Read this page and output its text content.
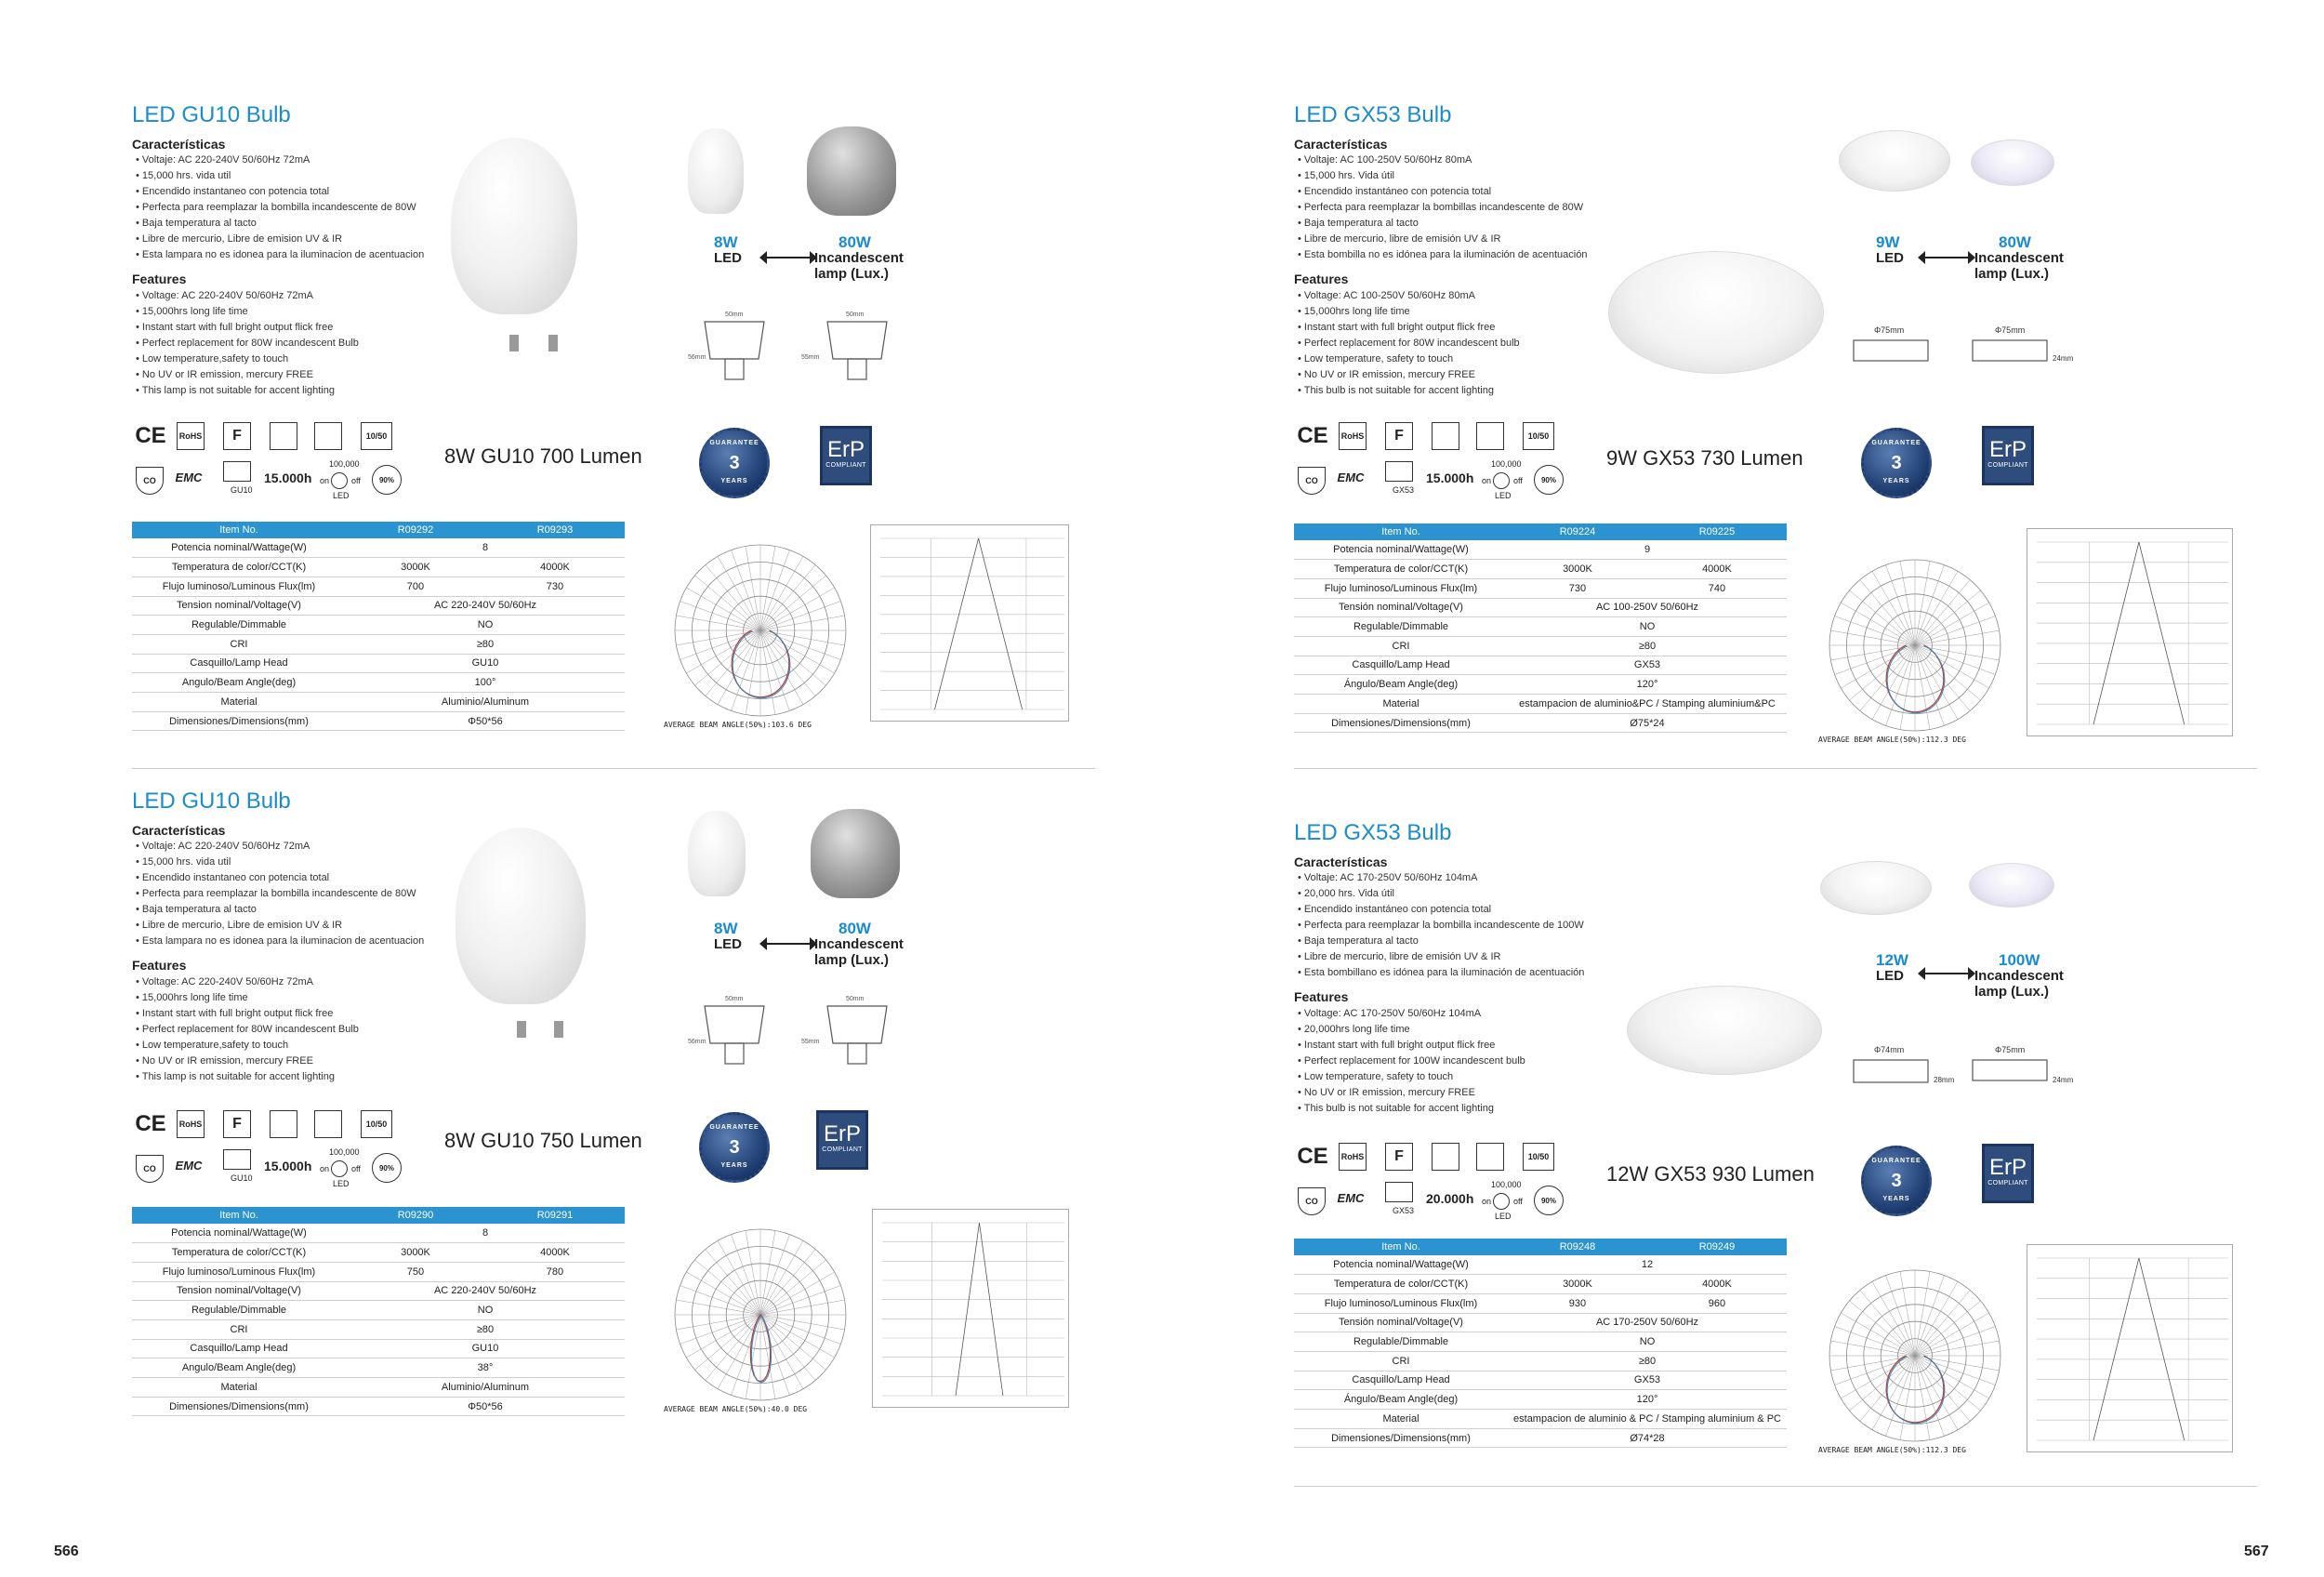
LED GU10 Bulb
Características
• Voltaje: AC 220-240V 50/60Hz 72mA
• 15,000 hrs. vida util
• Encendido instantaneo con potencia total
• Perfecta para reemplazar la bombilla incandescente de 80W
• Baja temperatura al tacto
• Libre de mercurio, Libre de emision UV & IR
• Esta lampara no es idonea para la iluminacion de acentuacion
Features
• Voltage: AC 220-240V 50/60Hz 72mA
• 15,000hrs long life time
• Instant start with full bright output flick free
• Perfect replacement for 80W incandescent Bulb
• Low temperature,safety to touch
• No UV or IR emission, mercury FREE
• This lamp is not suitable for accent lighting
LED GX53 Bulb
Características
• Voltaje: AC 100-250V 50/60Hz 80mA
• 15,000 hrs. Vida útil
• Encendido instantáneo con potencia total
• Perfecta para reemplazar la bombillas incandescente de 80W
• Baja temperatura al tacto
• Libre de mercurio, libre de emisión UV & IR
• Esta bombilla no es idónea para la iluminación de acentuación
Features
• Voltage: AC 100-250V 50/60Hz 80mA
• 15,000hrs long life time
• Instant start with full bright output flick free
• Perfect replacement for 80W incandescent bulb
• Low temperature, safety to touch
• No UV or IR emission, mercury FREE
• This bulb is not suitable for accent lighting
LED GU10 Bulb
Características
• Voltaje: AC 220-240V 50/60Hz 72mA
• 15,000 hrs. vida util
• Encendido instantaneo con potencia total
• Perfecta para reemplazar la bombilla incandescente de 80W
• Baja temperatura al tacto
• Libre de mercurio, Libre de emision UV & IR
• Esta lampara no es idonea para la iluminacion de acentuacion
Features
• Voltage: AC 220-240V 50/60Hz 72mA
• 15,000hrs long life time
• Instant start with full bright output flick free
• Perfect replacement for 80W incandescent Bulb
• Low temperature,safety to touch
• No UV or IR emission, mercury FREE
• This lamp is not suitable for accent lighting
LED GX53 Bulb
Características
• Voltaje: AC 170-250V 50/60Hz 104mA
• 20,000 hrs. Vida útil
• Encendido instantáneo con potencia total
• Perfecta para reemplazar la bombilla incandescente de 100W
• Baja temperatura al tacto
• Libre de mercurio, libre de emisión UV & IR
• Esta bombillano es idónea para la iluminación de acentuación
Features
• Voltage: AC 170-250V 50/60Hz 104mA
• 20,000hrs long life time
• Instant start with full bright output flick free
• Perfect replacement for 100W incandescent bulb
• Low temperature, safety to touch
• No UV or IR emission, mercury FREE
• This bulb is not suitable for accent lighting
8W
LED
80W
Incandescent
lamp (Lux.)
9W
LED
80W
Incandescent
lamp (Lux.)
8W
LED
80W
Incandescent
lamp (Lux.)	12W
LED
100W
Incandescent
lamp (Lux.)
50mm
56mm
50mm
55mm
50mm
56mm
50mm
55mm
Φ75mm	Φ75mm
24mm
Φ74mm	Φ75mm
28mm	24mm
CE	RoHS	F	10/50
CO	EMC
GU10
15.000h on	off
100,000
LED
90%
CE	RoHS	F	10/50
CO	EMC
GX53
15.000h on	off
100,000
LED
90%
CE	RoHS	F	10/50
CO	EMC
GU10
15.000h on	off
100,000
LED
90%	CE	RoHS	F	10/50
CO	EMC
GX53
20.000h on	off
100,000
LED
90%
8W GU10 700 Lumen	9W GX53 730 Lumen
8W GU10 750 Lumen
12W GX53 930 Lumen
GUARANTEE
3
YEARS
GUARANTEE
3
YEARS
GUARANTEE
3
YEARS
GUARANTEE
3
YEARS
ErP
COMPLIANT
ErP
COMPLIANT
ErP
COMPLIANT
ErP
COMPLIANT
Item No.	R09292	R09293
Potencia nominal/Wattage(W)	8	
Temperatura de color/CCT(K)	3000K	4000K
Flujo luminoso/Luminous Flux(lm)	700	730
Tension nominal/Voltage(V)	AC 220-240V 50/60Hz	
Regulable/Dimmable	NO	
CRI	≥80	
Casquillo/Lamp Head	GU10	
Angulo/Beam Angle(deg)	100°	
Material	Aluminio/Aluminum	
Dimensiones/Dimensions(mm)	Φ50*56	
Item No.	R09224	R09225
Potencia nominal/Wattage(W)	9	
Temperatura de color/CCT(K)	3000K	4000K
Flujo luminoso/Luminous Flux(lm)	730	740
Tensión nominal/Voltage(V)	AC 100-250V 50/60Hz	
Regulable/Dimmable	NO	
CRI	≥80	
Casquillo/Lamp Head	GX53	
Ángulo/Beam Angle(deg)	120°	
Material	estampacion de aluminio&PC / Stamping aluminium&PC	
Dimensiones/Dimensions(mm)	Ø75*24	
Item No.	R09290	R09291
Potencia nominal/Wattage(W)	8	
Temperatura de color/CCT(K)	3000K	4000K
Flujo luminoso/Luminous Flux(lm)	750	780
Tension nominal/Voltage(V)	AC 220-240V 50/60Hz	
Regulable/Dimmable	NO	
CRI	≥80	
Casquillo/Lamp Head	GU10	
Angulo/Beam Angle(deg)	38°	
Material	Aluminio/Aluminum	
Dimensiones/Dimensions(mm)	Φ50*56	
Item No.	R09248	R09249
Potencia nominal/Wattage(W)	12	
Temperatura de color/CCT(K)	3000K	4000K
Flujo luminoso/Luminous Flux(lm)	930	960
Tensión nominal/Voltage(V)	AC 170-250V 50/60Hz	
Regulable/Dimmable	NO	
CRI	≥80	
Casquillo/Lamp Head	GX53	
Ángulo/Beam Angle(deg)	120°	
Material	estampacion de aluminio & PC / Stamping aluminium & PC	
Dimensiones/Dimensions(mm)	Ø74*28	
AVERAGE BEAM ANGLE(50%):103.6 DEG
AVERAGE BEAM ANGLE(50%):112.3 DEG
AVERAGE BEAM ANGLE(50%):40.0 DEG
AVERAGE BEAM ANGLE(50%):112.3 DEG
566	567
